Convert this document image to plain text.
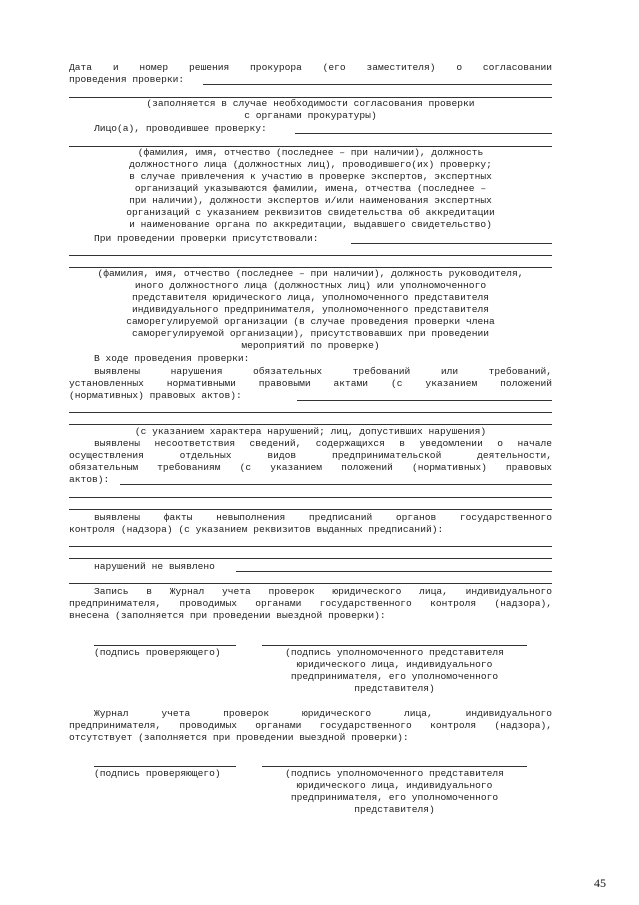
Дата и номер решения прокурора (его заместителя) о согласовании
проведения проверки:
(заполняется в случае необходимости согласования проверки
с органами прокуратуры)
Лицо(а), проводившее проверку:
(фамилия, имя, отчество (последнее – при наличии), должность
должностного лица (должностных лиц), проводившего(их) проверку;
в случае привлечения к участию в проверке экспертов, экспертных
организаций указываются фамилии, имена, отчества (последнее –
при наличии), должности экспертов и/или наименования экспертных
организаций с указанием реквизитов свидетельства об аккредитации
и наименование органа по аккредитации, выдавшего свидетельство)
При проведении проверки присутствовали:
(фамилия, имя, отчество (последнее – при наличии), должность руководителя,
иного должностного лица (должностных лиц) или уполномоченного
представителя юридического лица, уполномоченного представителя
индивидуального предпринимателя, уполномоченного представителя
саморегулируемой организации (в случае проведения проверки члена
саморегулируемой организации), присутствовавших при проведении
мероприятий по проверке)
В ходе проведения проверки:
выявлены нарушения обязательных требований или требований,
установленных нормативными правовыми актами (с указанием положений
(нормативных) правовых актов):
(с указанием характера нарушений; лиц, допустивших нарушения)
выявлены несоответствия сведений, содержащихся в уведомлении о начале
осуществления отдельных видов предпринимательской деятельности,
обязательным требованиям (с указанием положений (нормативных) правовых
актов):
выявлены факты невыполнения предписаний органов государственного
контроля (надзора) (с указанием реквизитов выданных предписаний):
нарушений не выявлено
Запись в Журнал учета проверок юридического лица, индивидуального
предпринимателя, проводимых органами государственного контроля (надзора),
внесена (заполняется при проведении выездной проверки):
(подпись проверяющего)	(подпись уполномоченного представителя
юридического лица, индивидуального
предпринимателя, его уполномоченного
представителя)
Журнал учета проверок юридического лица, индивидуального
предпринимателя, проводимых органами государственного контроля (надзора),
отсутствует (заполняется при проведении выездной проверки):
(подпись проверяющего)	(подпись уполномоченного представителя
юридического лица, индивидуального
предпринимателя, его уполномоченного
представителя)
45
